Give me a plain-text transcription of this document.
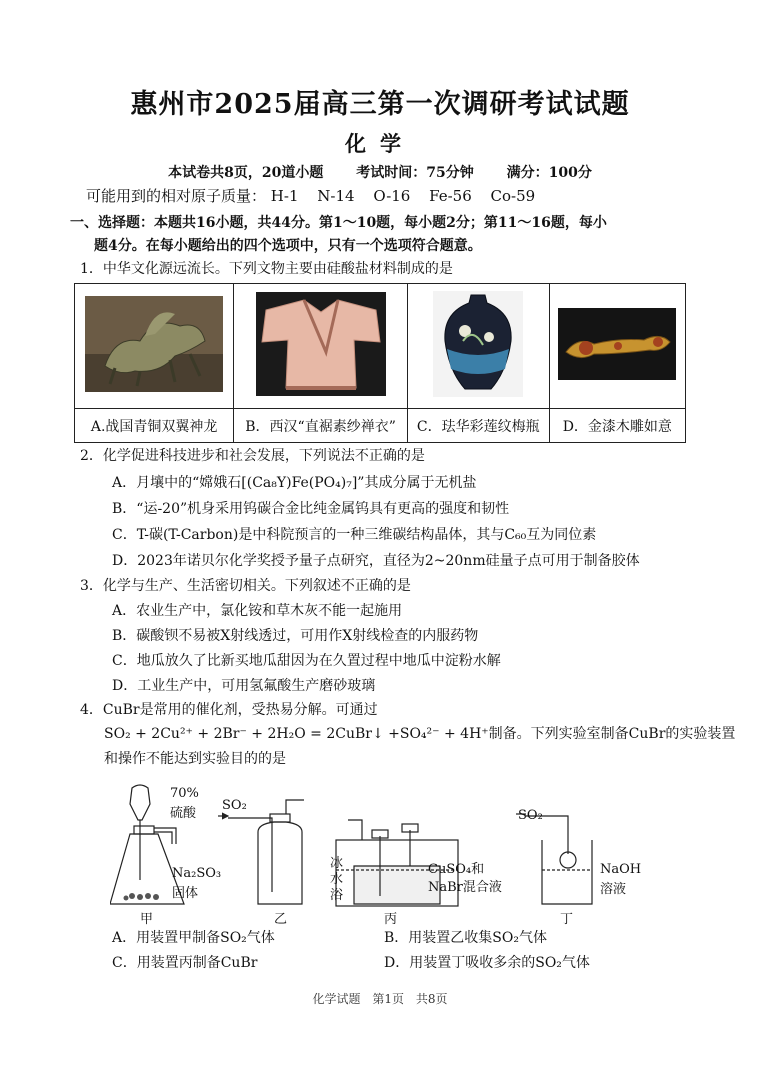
惠州市2025届高三第一次调研考试试题
化学
本试卷共8页，20道小题 考试时间：75分钟 满分：100分
可能用到的相对原子质量： H-1 N-14 O-16 Fe-56 Co-59
一、选择题：本题共16小题，共44分。第1～10题，每小题2分；第11～16题，每小
题4分。在每小题给出的四个选项中，只有一个选项符合题意。
1．中华文化源远流长。下列文物主要由硅酸盐材料制成的是

A.战国青铜双翼神龙	B．西汉“直裾素纱禅衣”	C．珐华彩莲纹梅瓶	D．金漆木雕如意
2．化学促进科技进步和社会发展，下列说法不正确的是
A．月壤中的“嫦娥石[(Ca₈Y)Fe(PO₄)₇]”其成分属于无机盐
B．“运-20”机身采用钨碳合金比纯金属钨具有更高的强度和韧性
C．T-碳(T-Carbon)是中科院预言的一种三维碳结构晶体，其与C₆₀互为同位素
D．2023年诺贝尔化学奖授予量子点研究，直径为2~20nm硅量子点可用于制备胶体
3．化学与生产、生活密切相关。下列叙述不正确的是
A．农业生产中，氯化铵和草木灰不能一起施用
B．碳酸钡不易被X射线透过，可用作X射线检查的内服药物
C．地瓜放久了比新买地瓜甜因为在久置过程中地瓜中淀粉水解
D．工业生产中，可用氢氟酸生产磨砂玻璃
4．CuBr是常用的催化剂，受热易分解。可通过
SO₂ + 2Cu²⁺ + 2Br⁻ + 2H₂O = 2CuBr↓ +SO₄²⁻ + 4H⁺制备。下列实验室制备CuBr的实验装置
和操作不能达到实验目的的是
70%
硫酸
Na₂SO₃
固体
SO₂
冰
水
浴
CuSO₄和
NaBr混合液
SO₂
NaOH
溶液
甲	乙	丙	丁
A．用装置甲制备SO₂气体	B．用装置乙收集SO₂气体
C．用装置丙制备CuBr	D．用装置丁吸收多余的SO₂气体
化学试题 第1页 共8页
